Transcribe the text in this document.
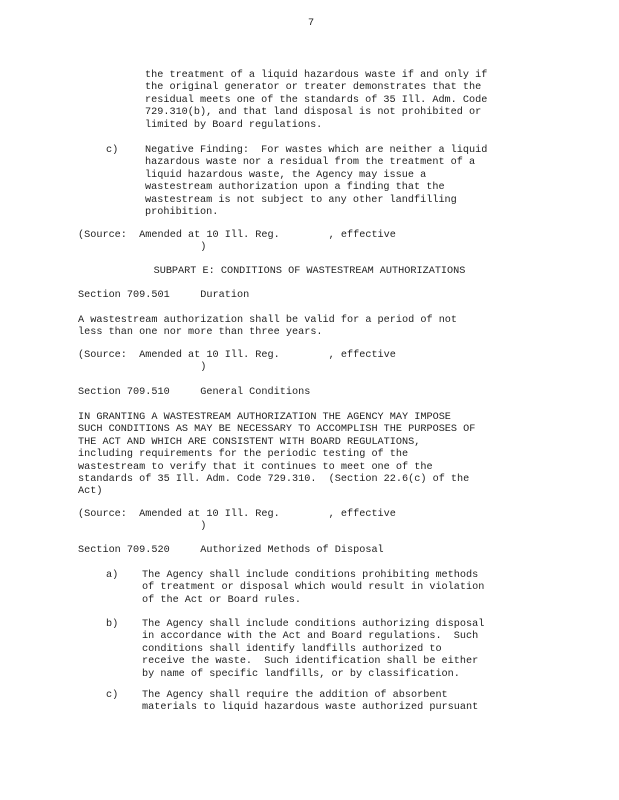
7
the treatment of a liquid hazardous waste if and only if
the original generator or treater demonstrates that the
residual meets one of the standards of 35 Ill. Adm. Code
729.310(b), and that land disposal is not prohibited or
limited by Board regulations.
c)	Negative Finding:  For wastes which are neither a liquid
hazardous waste nor a residual from the treatment of a
liquid hazardous waste, the Agency may issue a
wastestream authorization upon a finding that the
wastestream is not subject to any other landfilling
prohibition.
(Source:  Amended at 10 Ill. Reg.        , effective
)
SUBPART E: CONDITIONS OF WASTESTREAM AUTHORIZATIONS
Section 709.501     Duration
A wastestream authorization shall be valid for a period of not
less than one nor more than three years.
(Source:  Amended at 10 Ill. Reg.        , effective
)
Section 709.510     General Conditions
IN GRANTING A WASTESTREAM AUTHORIZATION THE AGENCY MAY IMPOSE
SUCH CONDITIONS AS MAY BE NECESSARY TO ACCOMPLISH THE PURPOSES OF
THE ACT AND WHICH ARE CONSISTENT WITH BOARD REGULATIONS,
including requirements for the periodic testing of the
wastestream to verify that it continues to meet one of the
standards of 35 Ill. Adm. Code 729.310.  (Section 22.6(c) of the
Act)
(Source:  Amended at 10 Ill. Reg.        , effective
)
Section 709.520     Authorized Methods of Disposal
a) The Agency shall include conditions prohibiting methods
of treatment or disposal which would result in violation
of the Act or Board rules.
b) The Agency shall include conditions authorizing disposal
in accordance with the Act and Board regulations.  Such
conditions shall identify landfills authorized to
receive the waste.  Such identification shall be either
by name of specific landfills, or by classification.
c) The Agency shall require the addition of absorbent
materials to liquid hazardous waste authorized pursuant
